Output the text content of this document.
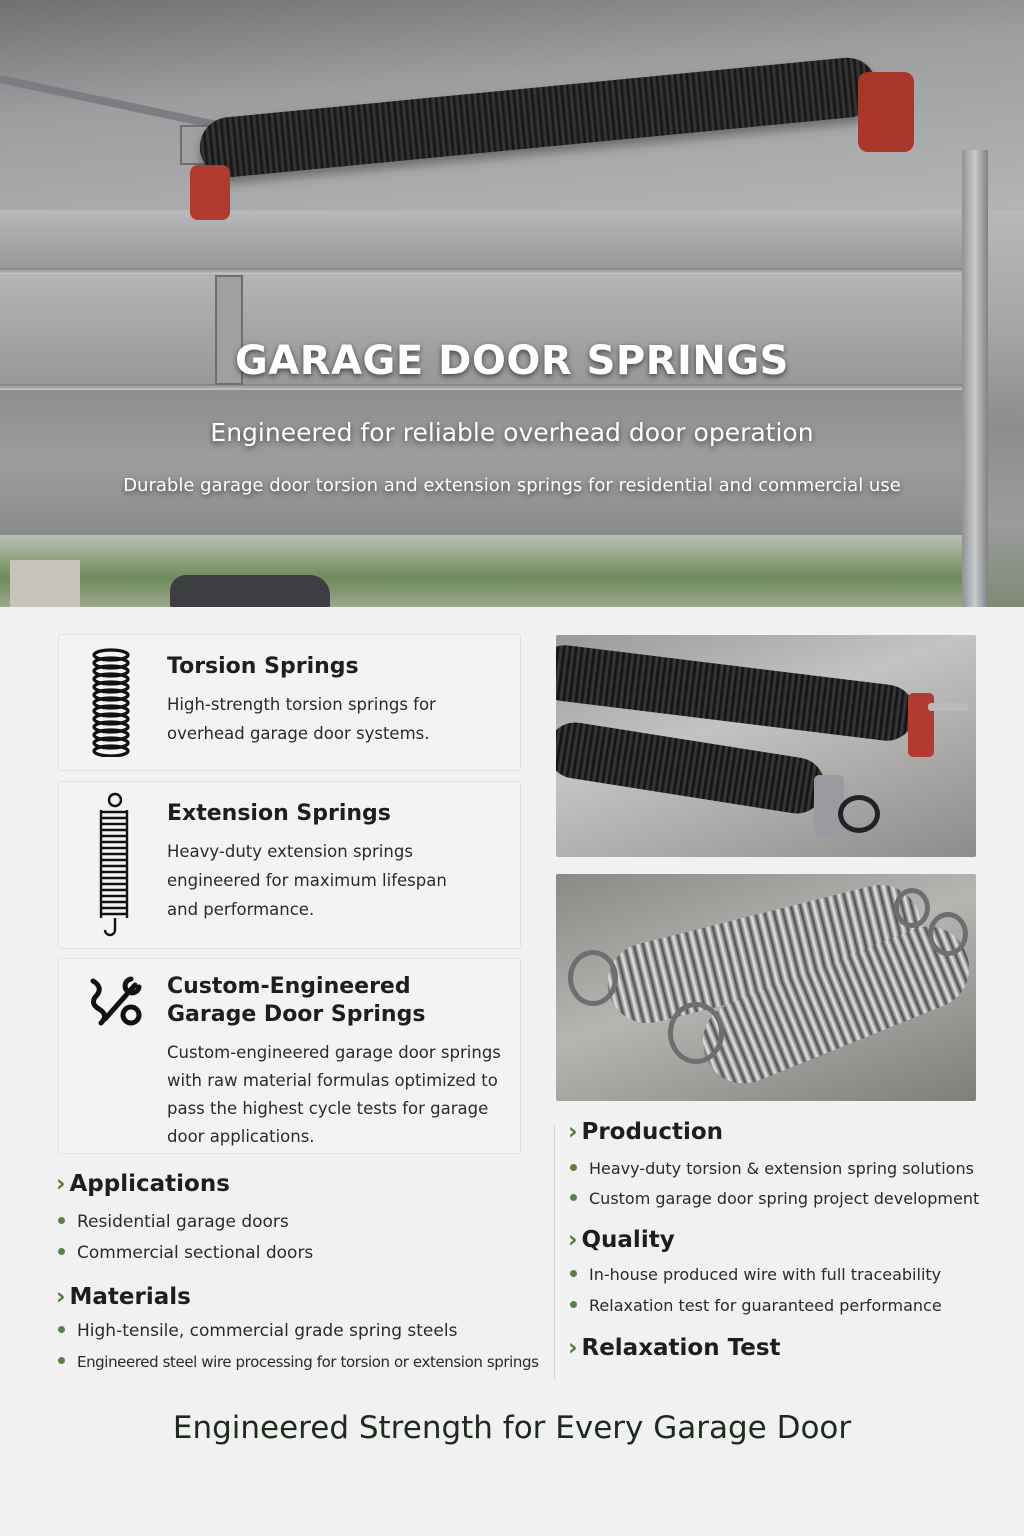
GARAGE DOOR SPRINGS
Engineered for reliable overhead door operation
Durable garage door torsion and extension springs for residential and commercial use
Torsion Springs
High-strength torsion springs for
overhead garage door systems.
Extension Springs
Heavy-duty extension springs
engineered for maximum lifespan
and performance.
Custom-Engineered
Garage Door Springs
Custom-engineered garage door springs
with raw material formulas optimized to
pass the highest cycle tests for garage
door applications.
› Applications
Residential garage doors
Commercial sectional doors
› Materials
High-tensile, commercial grade spring steels
Engineered steel wire processing for torsion or extension springs
› Production
Heavy-duty torsion & extension spring solutions
Custom garage door spring project development
› Quality
In-house produced wire with full traceability
Relaxation test for guaranteed performance
› Relaxation Test
Engineered Strength for Every Garage Door
